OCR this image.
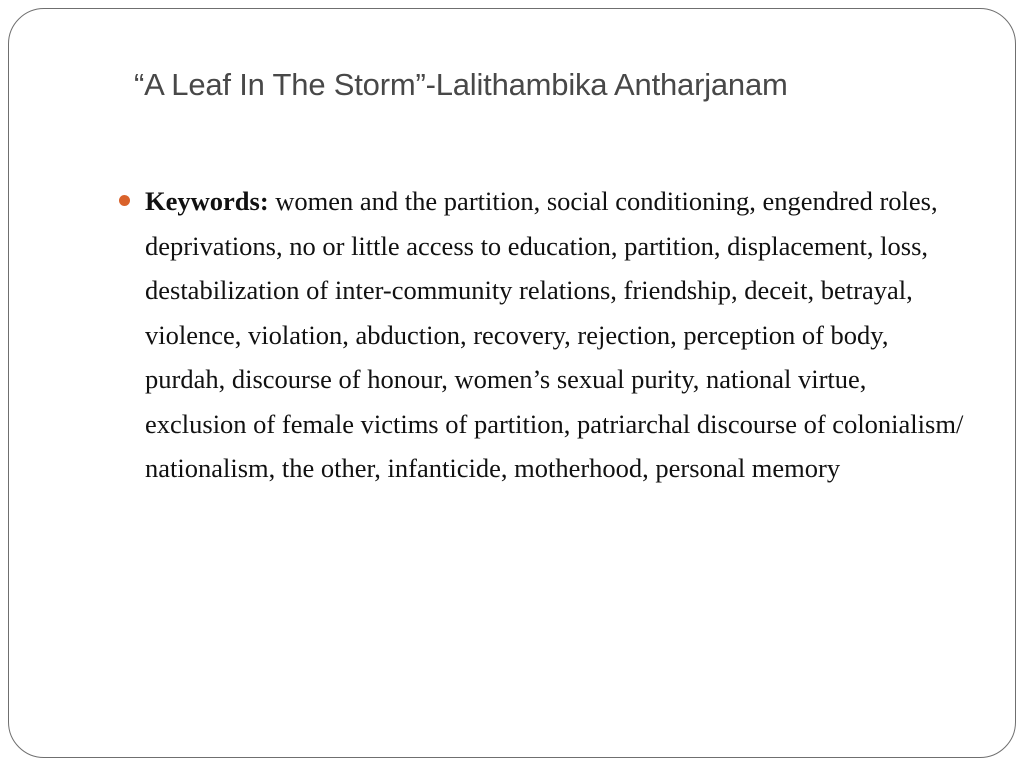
“A Leaf In The Storm”-Lalithambika Antharjanam
Keywords: women and the partition, social conditioning, engendred roles, deprivations, no or little access to education, partition, displacement, loss, destabilization of inter-community relations, friendship, deceit, betrayal, violence, violation, abduction, recovery, rejection, perception of body, purdah, discourse of honour, women’s sexual purity, national virtue, exclusion of female victims of partition, patriarchal discourse of colonialism/ nationalism, the other, infanticide, motherhood, personal memory
